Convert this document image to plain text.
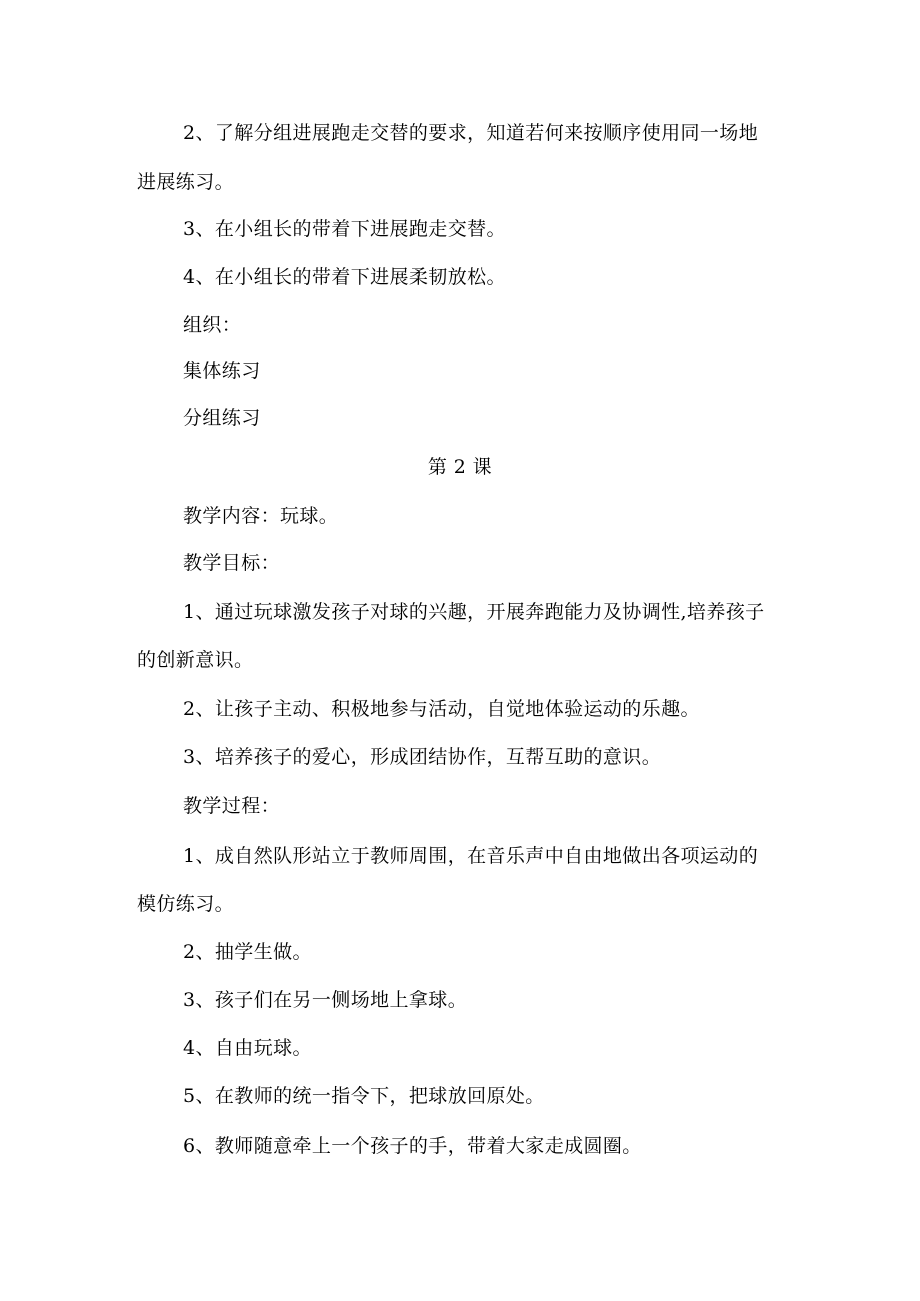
2、了解分组进展跑走交替的要求，知道若何来按顺序使用同一场地
进展练习。
3、在小组长的带着下进展跑走交替。
4、在小组长的带着下进展柔韧放松。
组织：
集体练习
分组练习
第 2 课
教学内容：玩球。
教学目标：
1、通过玩球激发孩子对球的兴趣，开展奔跑能力及协调性,培养孩子
的创新意识。
2、让孩子主动、积极地参与活动，自觉地体验运动的乐趣。
3、培养孩子的爱心，形成团结协作，互帮互助的意识。
教学过程：
1、成自然队形站立于教师周围，在音乐声中自由地做出各项运动的
模仿练习。
2、抽学生做。
3、孩子们在另一侧场地上拿球。
4、自由玩球。
5、在教师的统一指令下，把球放回原处。
6、教师随意牵上一个孩子的手，带着大家走成圆圈。
